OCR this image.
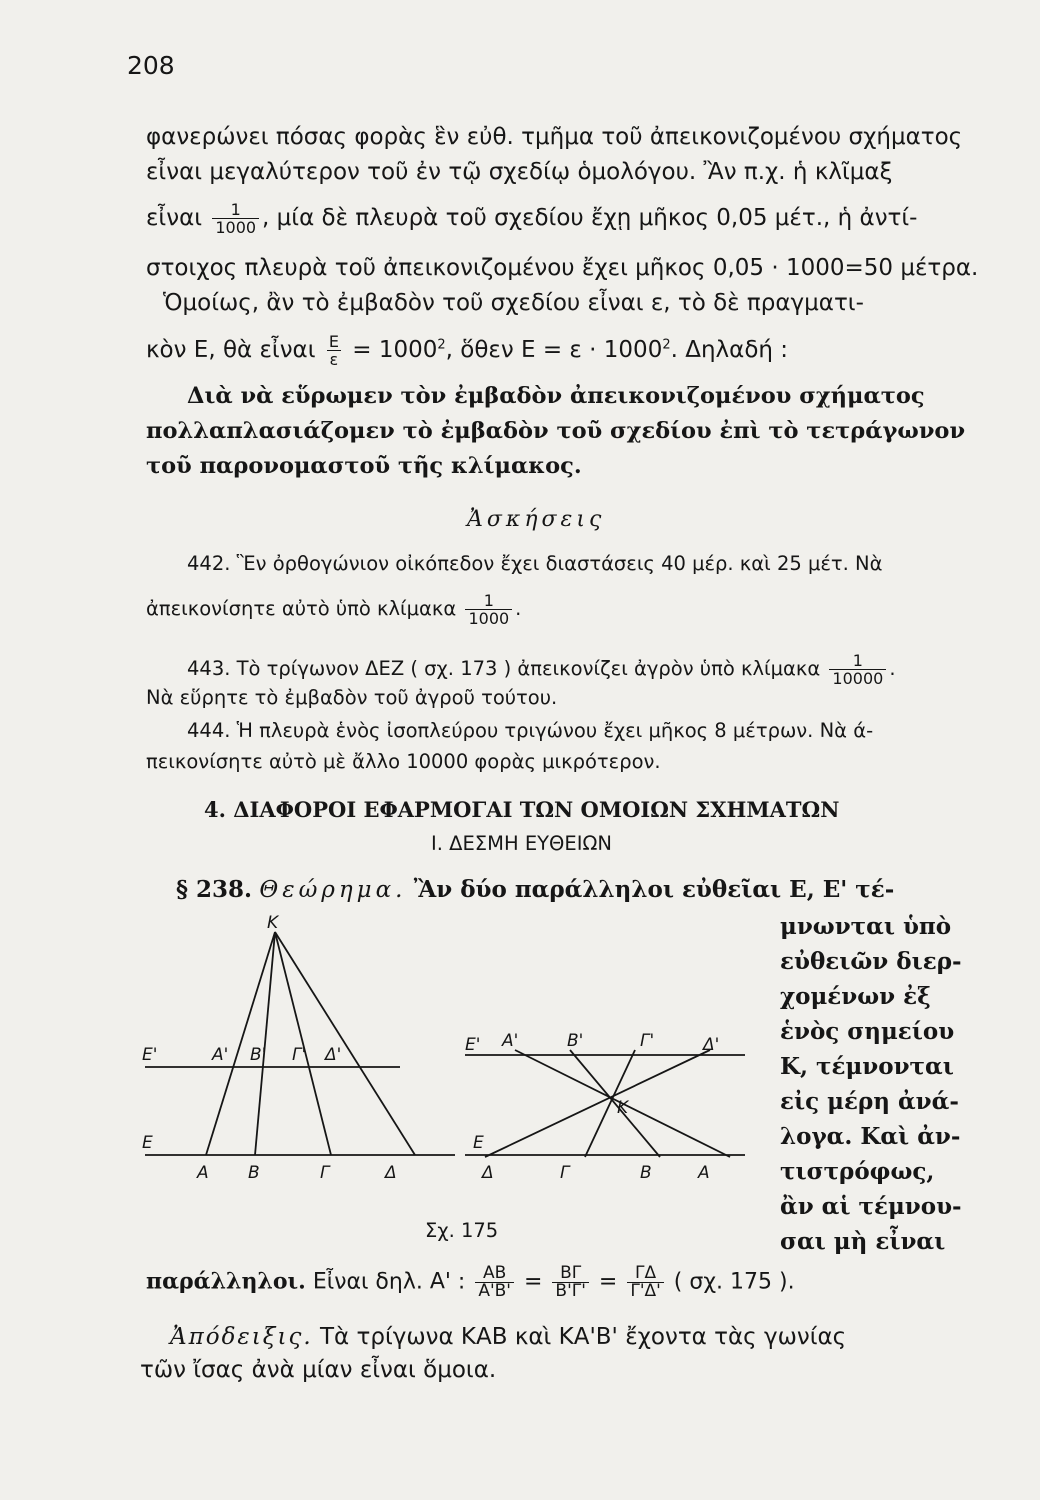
208
φανερώνει πόσας φορὰς ἓν εὐθ. τμῆμα τοῦ ἀπεικονιζομένου σχήματος
εἶναι μεγαλύτερον τοῦ ἐν τῷ σχεδίῳ ὁμολόγου. Ἂν π.χ. ἡ κλῖμαξ
εἶναι $\frac{1}{1000}$ , μία δὲ πλευρὰ τοῦ σχεδίου ἔχῃ μῆκος 0,05 μέτ., ἡ ἀντί-
στοιχος πλευρὰ τοῦ ἀπεικονιζομένου ἔχει μῆκος 0,05 · 1000=50 μέτρα.
Ὁμοίως, ἂν τὸ ἐμβαδὸν τοῦ σχεδίου εἶναι ε, τὸ δὲ πραγματι-
κὸν Ε, θὰ εἶναι $\frac{E}{\varepsilon} = 1000^2$, ὅθεν $E = \varepsilon \cdot 1000^2$. Δηλαδή :
Διὰ νὰ εὕρωμεν τὸν ἐμβαδὸν ἀπεικονιζομένου σχήματος
πολλαπλασιάζομεν τὸ ἐμβαδὸν τοῦ σχεδίου ἐπὶ τὸ τετράγωνον
τοῦ παρονομαστοῦ τῆς κλίμακος.
Ἀσκήσεις
442. Ἓν ὀρθογώνιον οἰκόπεδον ἔχει διαστάσεις 40 μέρ. καὶ 25 μέτ. Νὰ
ἀπεικονίσητε αὐτὸ ὑπὸ κλίμακα $\frac{1}{1000}$ .
443. Τὸ τρίγωνον ΔΕΖ ( σχ. 173 ) ἀπεικονίζει ἀγρὸν ὑπὸ κλίμακα $\frac{1}{10000}$ .
Νὰ εὕρητε τὸ ἐμβαδὸν τοῦ ἀγροῦ τούτου.
444. Ἡ πλευρὰ ἑνὸς ἰσοπλεύρου τριγώνου ἔχει μῆκος 8 μέτρων. Νὰ ά-
πεικονίσητε αὐτὸ μὲ ἄλλο 10000 φορὰς μικρότερον.
4. ΔΙΑΦΟΡΟΙ ΕΦΑΡΜΟΓΑΙ ΤΩΝ ΟΜΟΙΩΝ ΣΧΗΜΑΤΩΝ
Ι. ΔΕΣΜΗ ΕΥΘΕΙΩΝ
§ 238. Θεώρημα. Ἂν δύο παράλληλοι εὐθεῖαι Ε, Ε' τέ-
μνωνται ὑπὸ
εὐθειῶν διερ-
χομένων ἐξ
ἑνὸς σημείου
Κ, τέμνονται
εἰς μέρη ἀνά-
λογα. Καὶ ἀν-
τιστρόφως,
ἂν αἱ τέμνου-
σαι μὴ εἶναι
K
E'	A' B' Γ' Δ'
E
A B	Γ	Δ
E' A'	B'	Γ'	Δ'
K
E
Δ	Γ	B	A
Σχ. 175
παράλληλοι. Εἶναι δηλ. Α' : $\frac{AB}{A'B'} = \frac{B\Gamma}{B'\Gamma'} = \frac{\Gamma\Delta}{\Gamma'\Delta'}$ ( σχ. 175 ).
Ἀπόδειξις. Τὰ τρίγωνα ΚΑΒ καὶ ΚΑ'Β' ἔχοντα τὰς γωνίας
τῶν ἴσας ἀνὰ μίαν εἶναι ὅμοια.
